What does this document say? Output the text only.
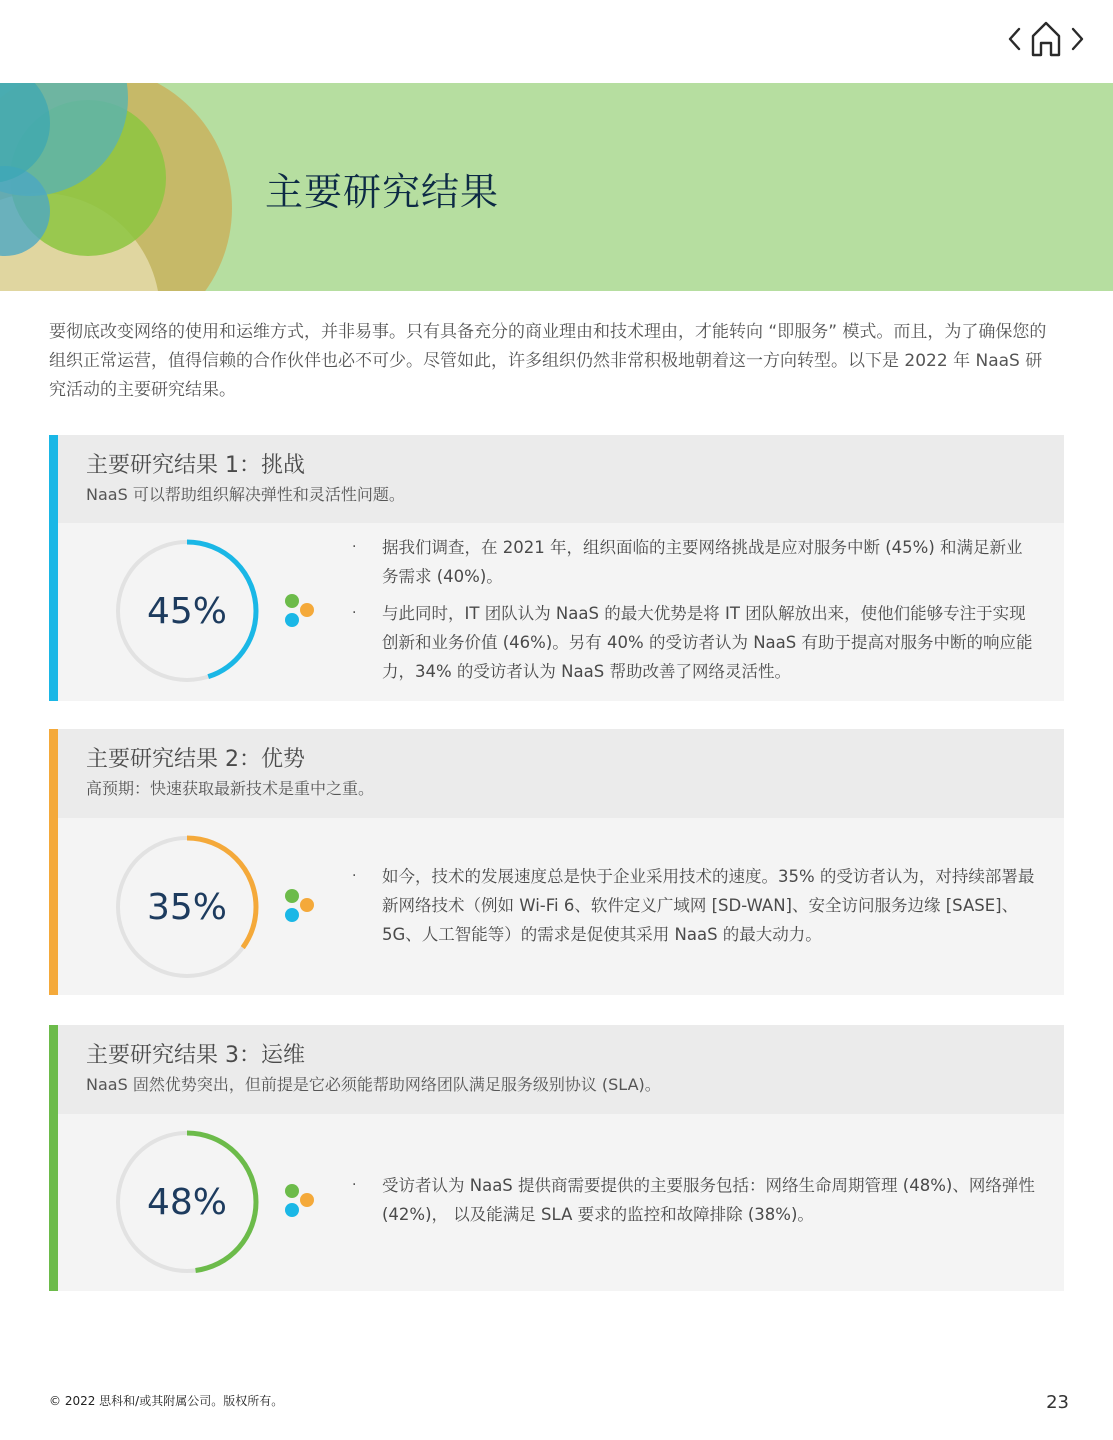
主要研究结果

要彻底改变网络的使用和运维方式，并非易事。只有具备充分的商业理由和技术理由，才能转向 “即服务” 模式。而且，为了确保您的组织正常运营，值得信赖的合作伙伴也必不可少。尽管如此，许多组织仍然非常积极地朝着这一方向转型。以下是 2022 年 NaaS 研究活动的主要研究结果。

主要研究结果 1：挑战
NaaS 可以帮助组织解决弹性和灵活性问题。
45%
· 据我们调查，在 2021 年，组织面临的主要网络挑战是应对服务中断 (45%) 和满足新业务需求 (40%)。
· 与此同时，IT 团队认为 NaaS 的最大优势是将 IT 团队解放出来，使他们能够专注于实现创新和业务价值 (46%)。另有 40% 的受访者认为 NaaS 有助于提高对服务中断的响应能力，34% 的受访者认为 NaaS 帮助改善了网络灵活性。
主要研究结果 2：优势
高预期：快速获取最新技术是重中之重。
35%
· 如今，技术的发展速度总是快于企业采用技术的速度。35% 的受访者认为，对持续部署最新网络技术（例如 Wi-Fi 6、软件定义广域网 [SD-WAN]、安全访问服务边缘 [SASE]、5G、人工智能等）的需求是促使其采用 NaaS 的最大动力。
主要研究结果 3：运维
NaaS 固然优势突出，但前提是它必须能帮助网络团队满足服务级别协议 (SLA)。
48%	· 受访者认为 NaaS 提供商需要提供的主要服务包括：网络生命周期管理 (48%)、网络弹性 (42%)， 以及能满足 SLA 要求的监控和故障排除 (38%)。
© 2022 思科和/或其附属公司。版权所有。	23
